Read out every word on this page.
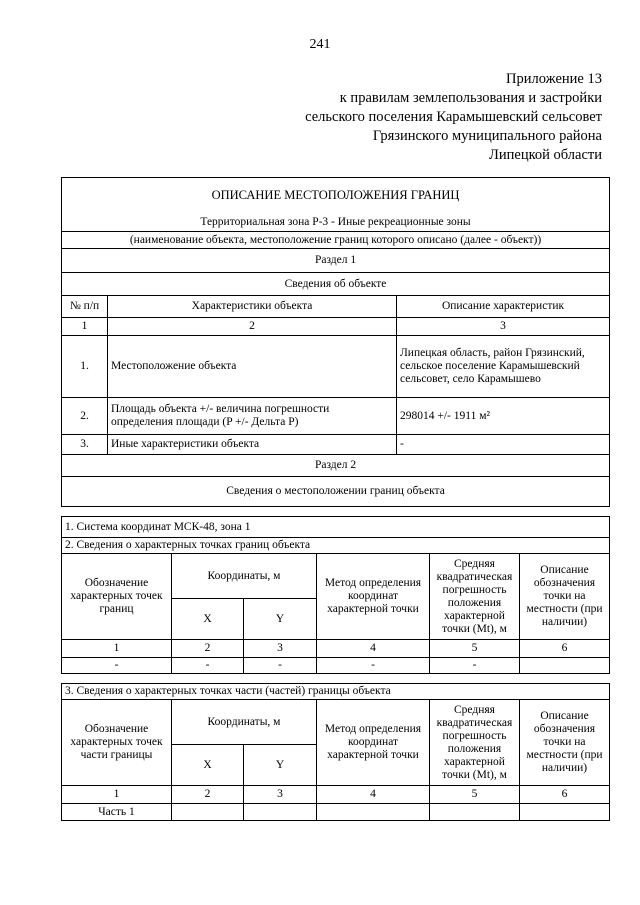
241
Приложение 13
к правилам землепользования и застройки
сельского поселения Карамышевский сельсовет
Грязинского муниципального района
Липецкой области
ОПИСАНИЕ МЕСТОПОЛОЖЕНИЯ ГРАНИЦ		
Территориальная зона Р-3 - Иные рекреационные зоны		
(наименование объекта, местоположение границ которого описано (далее - объект))		
Раздел 1		
Сведения об объекте		
№ п/п	Характеристики объекта	Описание характеристик
1	2	3
1.	Местоположение объекта	Липецкая область, район Грязинский, сельское поселение Карамышевский сельсовет, село Карамышево
2.	Площадь объекта +/- величина погрешности определения площади (P +/- Дельта P)	298014 +/- 1911 м²
3.	Иные характеристики объекта	-
Раздел 2		
Сведения о местоположении границ объекта		
1. Система координат МСК-48, зона 1					
2. Сведения о характерных точках границ объекта					
Обозначение характерных точек границ	Координаты, м		Метод определения координат характерной точки	Средняя квадратическая погрешность положения характерной точки (Mt), м	Описание обозначения точки на местности (при наличии)
	X	Y			
1	2	3	4	5	6
-	-	-	-	-	
3. Сведения о характерных точках части (частей) границы объекта					
Обозначение характерных точек части границы	Координаты, м		Метод определения координат характерной точки	Средняя квадратическая погрешность положения характерной точки (Mt), м	Описание обозначения точки на местности (при наличии)
	X	Y			
1	2	3	4	5	6
Часть 1					
